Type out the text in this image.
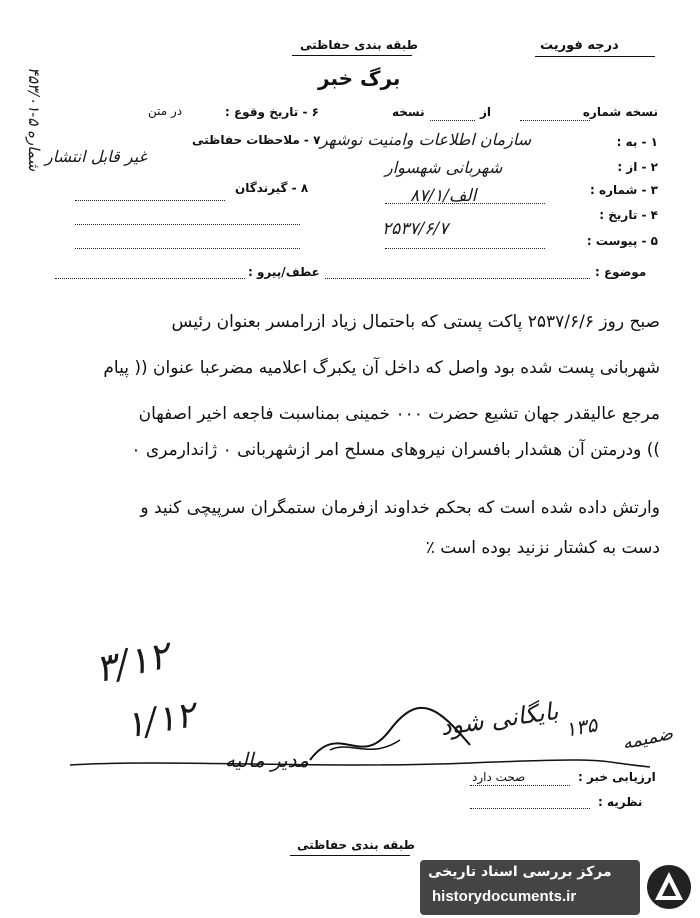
طبقه بندی حفاظتی	درجه فوریت
برگ خبر
شماره ۵-۴۵۳/۰۱
نسخه شماره
از
نسخه
۱ - به :
سازمان اطلاعات وامنیت نوشهر
۲ - از :
شهربانی شهسوار
۳ - شماره :
الف/۸۷/۱
۴ - تاریخ :
۲۵۳۷/۶/۷
۵ - پیوست :
۶ - تاریخ وقوع :
در متن
۷ - ملاحظات حفاظتی
غیر قابل انتشار
۸ - گیرندگان
عطف/پیرو :	موضوع :
صبح روز ۲۵۳۷/۶/۶ پاکت پستی که باحتمال زیاد ازرامسر بعنوان رئیس
شهربانی پست شده بود واصل که داخل آن یکبرگ اعلامیه مضرعبا عنوان (( پیام
مرجع عالیقدر جهان تشیع حضرت ۰۰۰ خمینی بمناسبت فاجعه اخیر اصفهان
)) ودرمتن آن هشدار بافسران نیروهای مسلح امر ازشهربانی ۰ ژاندارمری ۰
وارتش داده شده است که بحکم خداوند ازفرمان ستمگران سرپیچی کنید و
دست به کشتار نزنید بوده است ٪
۳/۱۲
۱/۱۲	بایگانی شود ۱۳۵ ضمیمه
مدیر مالیه
ارزیابی خبر :
صحت دارد
نظریه :
طبقه بندی حفاظتی
مرکز بررسی اسناد تاریخی
historydocuments.ir
